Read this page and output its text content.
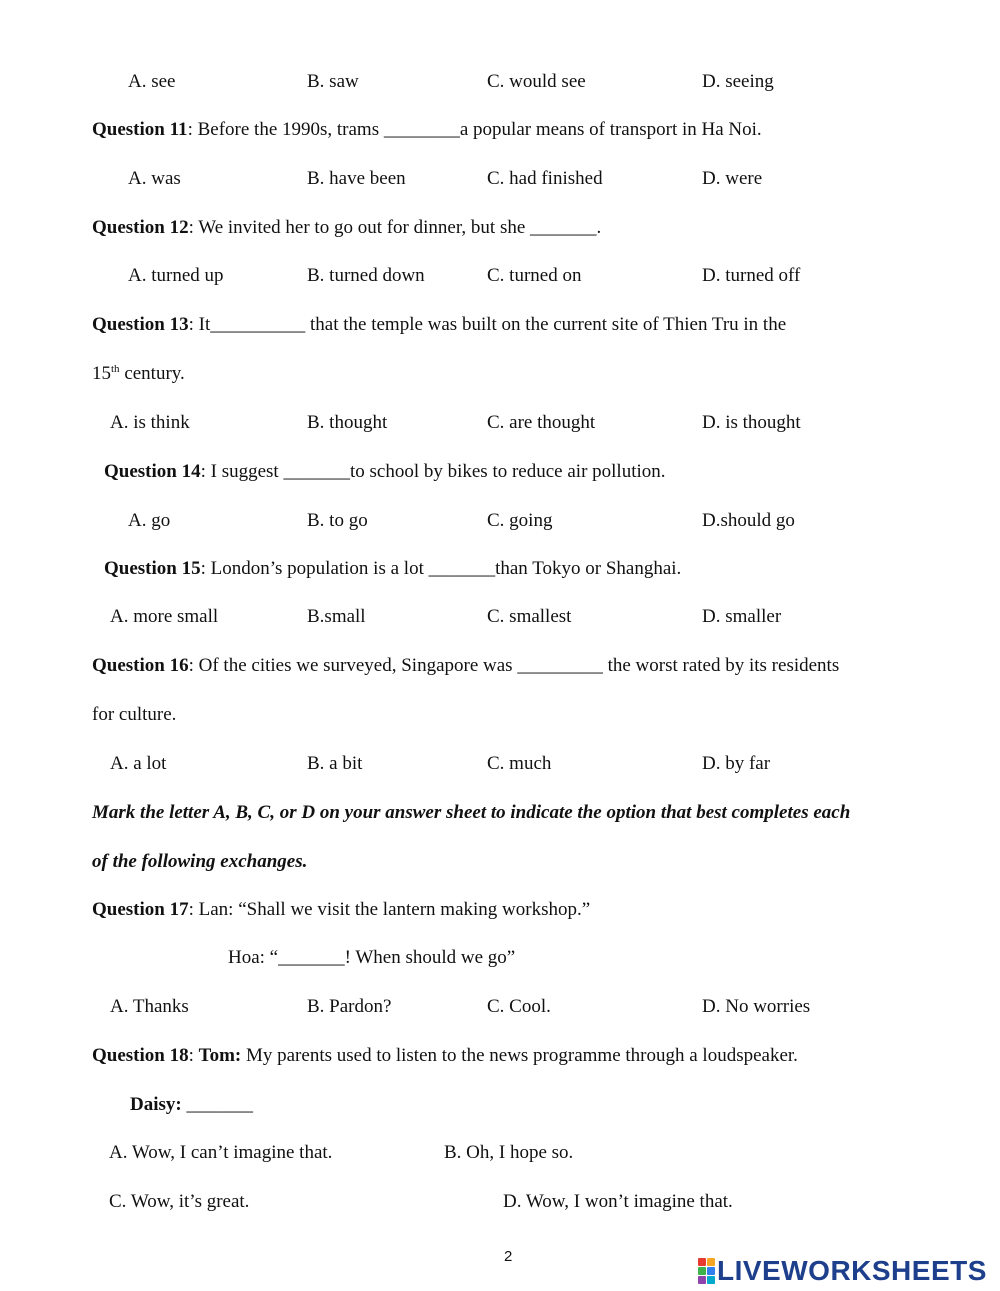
A. see	B. saw	C. would see	D. seeing
Question 11: Before the 1990s, trams ________a popular means of transport in Ha Noi.
A. was	B. have been	C. had finished	D. were
Question 12: We invited her to go out for dinner, but she _______.
A. turned up	B. turned down	C. turned on	D. turned off
Question 13: It__________ that the temple was built on the current site of Thien Tru in the
15th century.
A. is think	B. thought	C. are thought	D. is thought
Question 14: I suggest _______to school by bikes to reduce air pollution.
A. go	B. to go	C. going	D.should go
Question 15: London’s population is a lot _______than Tokyo or Shanghai.
A. more small	B.small	C. smallest	D. smaller
Question 16: Of the cities we surveyed, Singapore was _________ the worst rated by its residents
for culture.
A. a lot	B. a bit	C. much	D. by far
Mark the letter A, B, C, or D on your answer sheet to indicate the option that best completes each
of the following exchanges.
Question 17: Lan: “Shall we visit the lantern making workshop.”
Hoa: “_______! When should we go”
A. Thanks	B. Pardon?	C. Cool.	D. No worries
Question 18: Tom: My parents used to listen to the news programme through a loudspeaker.
Daisy: _______
A. Wow, I can’t imagine that.	B. Oh, I hope so.
C. Wow, it’s great.	D. Wow, I won’t imagine that.
2	LIVEWORKSHEETS
